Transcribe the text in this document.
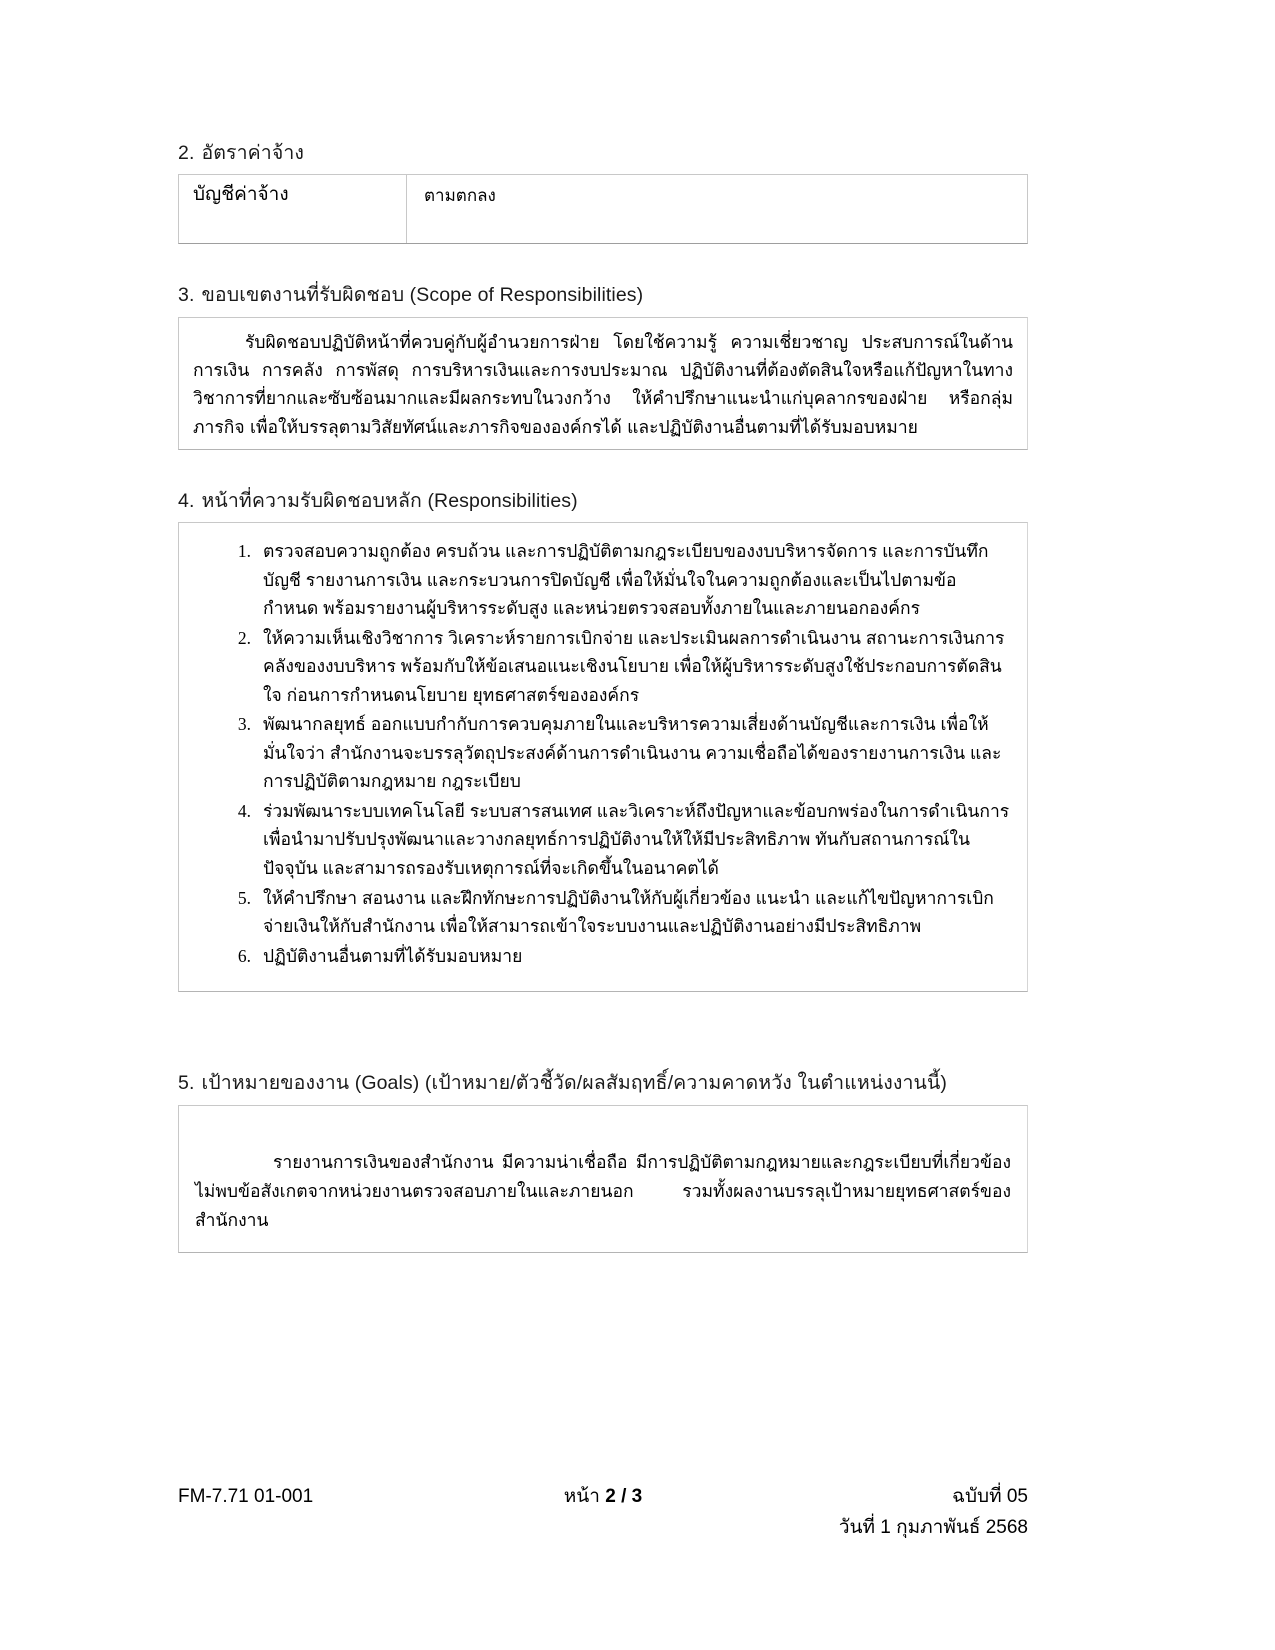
2. อัตราค่าจ้าง
บัญชีค่าจ้าง	ตามตกลง
3. ขอบเขตงานที่รับผิดชอบ (Scope of Responsibilities)

รับผิดชอบปฏิบัติหน้าที่ควบคู่กับผู้อำนวยการฝ่าย โดยใช้ความรู้ ความเชี่ยวชาญ ประสบการณ์ในด้านการเงิน การคลัง การพัสดุ การบริหารเงินและการงบประมาณ ปฏิบัติงานที่ต้องตัดสินใจหรือแก้ปัญหาในทางวิชาการที่ยากและซับซ้อนมากและมีผลกระทบในวงกว้าง ให้คำปรึกษาแนะนำแก่บุคลากรของฝ่าย หรือกลุ่มภารกิจ เพื่อให้บรรลุตามวิสัยทัศน์และภารกิจขององค์กรได้ และปฏิบัติงานอื่นตามที่ได้รับมอบหมาย

4. หน้าที่ความรับผิดชอบหลัก (Responsibilities)
ตรวจสอบความถูกต้อง ครบถ้วน และการปฏิบัติตามกฎระเบียบของงบบริหารจัดการ และการบันทึกบัญชี รายงานการเงิน และกระบวนการปิดบัญชี เพื่อให้มั่นใจในความถูกต้องและเป็นไปตามข้อกำหนด พร้อมรายงานผู้บริหารระดับสูง และหน่วยตรวจสอบทั้งภายในและภายนอกองค์กร
ให้ความเห็นเชิงวิชาการ วิเคราะห์รายการเบิกจ่าย และประเมินผลการดำเนินงาน สถานะการเงินการคลังของงบบริหาร พร้อมกับให้ข้อเสนอแนะเชิงนโยบาย เพื่อให้ผู้บริหารระดับสูงใช้ประกอบการตัดสินใจ ก่อนการกำหนดนโยบาย ยุทธศาสตร์ขององค์กร
พัฒนากลยุทธ์ ออกแบบกำกับการควบคุมภายในและบริหารความเสี่ยงด้านบัญชีและการเงิน เพื่อให้มั่นใจว่า สำนักงานจะบรรลุวัตถุประสงค์ด้านการดำเนินงาน ความเชื่อถือได้ของรายงานการเงิน และการปฏิบัติตามกฎหมาย กฎระเบียบ
ร่วมพัฒนาระบบเทคโนโลยี ระบบสารสนเทศ และวิเคราะห์ถึงปัญหาและข้อบกพร่องในการดำเนินการ เพื่อนำมาปรับปรุงพัฒนาและวางกลยุทธ์การปฏิบัติงานให้ให้มีประสิทธิภาพ ทันกับสถานการณ์ในปัจจุบัน และสามารถรองรับเหตุการณ์ที่จะเกิดขึ้นในอนาคตได้
ให้คำปรึกษา สอนงาน และฝึกทักษะการปฏิบัติงานให้กับผู้เกี่ยวข้อง แนะนำ และแก้ไขปัญหาการเบิกจ่ายเงินให้กับสำนักงาน เพื่อให้สามารถเข้าใจระบบงานและปฏิบัติงานอย่างมีประสิทธิภาพ
ปฏิบัติงานอื่นตามที่ได้รับมอบหมาย
5. เป้าหมายของงาน (Goals) (เป้าหมาย/ตัวชี้วัด/ผลสัมฤทธิ์/ความคาดหวัง ในตำแหน่งงานนี้)

รายงานการเงินของสำนักงาน มีความน่าเชื่อถือ มีการปฏิบัติตามกฎหมายและกฎระเบียบที่เกี่ยวข้อง ไม่พบข้อสังเกตจากหน่วยงานตรวจสอบภายในและภายนอก รวมทั้งผลงานบรรลุเป้าหมายยุทธศาสตร์ของสำนักงาน

FM-7.71 01-001	หน้า 2 / 3	ฉบับที่ 05
วันที่ 1 กุมภาพันธ์ 2568
